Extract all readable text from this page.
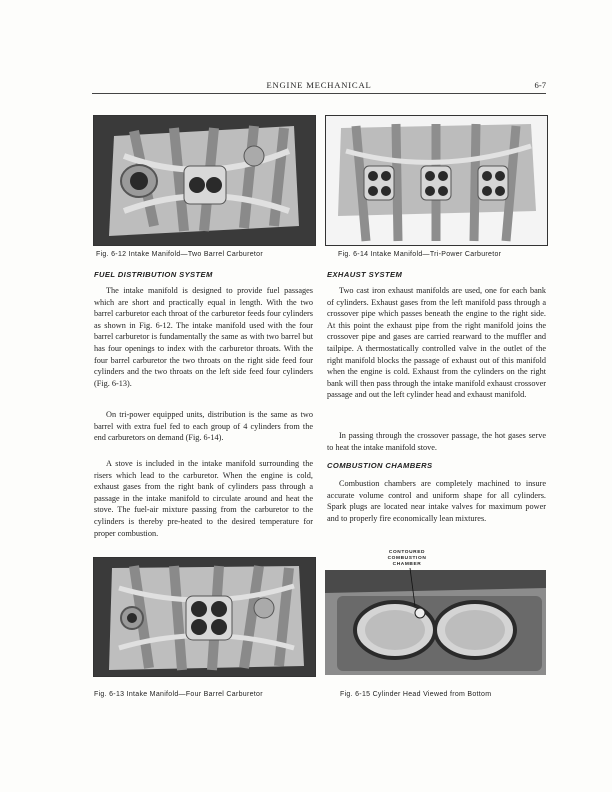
ENGINE MECHANICAL	6-7
Fig. 6-12 Intake Manifold—Two Barrel Carburetor	Fig. 6-14 Intake Manifold—Tri-Power Carburetor
FUEL DISTRIBUTION SYSTEM

The intake manifold is designed to provide fuel passages which are short and practically equal in length. With the two barrel carburetor each throat of the carburetor feeds four cylinders as shown in Fig. 6-12. The intake manifold used with the four barrel carburetor is fundamentally the same as with two barrel but has four openings to index with the carburetor throats. With the four barrel carburetor the two throats on the right side feed four cylinders and the two throats on the left side feed four cylinders (Fig. 6-13).

On tri-power equipped units, distribution is the same as two barrel with extra fuel fed to each group of 4 cylinders from the end carburetors on demand (Fig. 6-14).

A stove is included in the intake manifold surrounding the risers which lead to the carburetor. When the engine is cold, exhaust gases from the right bank of cylinders pass through a passage in the intake manifold to circulate around and heat the stove. The fuel-air mixture passing from the carburetor to the cylinders is thereby pre-heated to the desired temperature for proper combustion.

EXHAUST SYSTEM

Two cast iron exhaust manifolds are used, one for each bank of cylinders. Exhaust gases from the left manifold pass through a crossover pipe which passes beneath the engine to the right side. At this point the exhaust pipe from the right manifold joins the crossover pipe and gases are carried rearward to the muffler and tailpipe. A thermostatically controlled valve in the outlet of the right manifold blocks the passage of exhaust out of this manifold when the engine is cold. Exhaust from the cylinders on the right bank will then pass through the intake manifold exhaust crossover passage and out the left cylinder head and exhaust manifold.

In passing through the crossover passage, the hot gases serve to heat the intake manifold stove.

COMBUSTION CHAMBERS

Combustion chambers are completely machined to insure accurate volume control and uniform shape for all cylinders. Spark plugs are located near intake valves for maximum power and to properly fire economically lean mixtures.

Fig. 6-13 Intake Manifold—Four Barrel Carburetor
CONTOURED
COMBUSTION
CHAMBER
Fig. 6-15 Cylinder Head Viewed from Bottom
